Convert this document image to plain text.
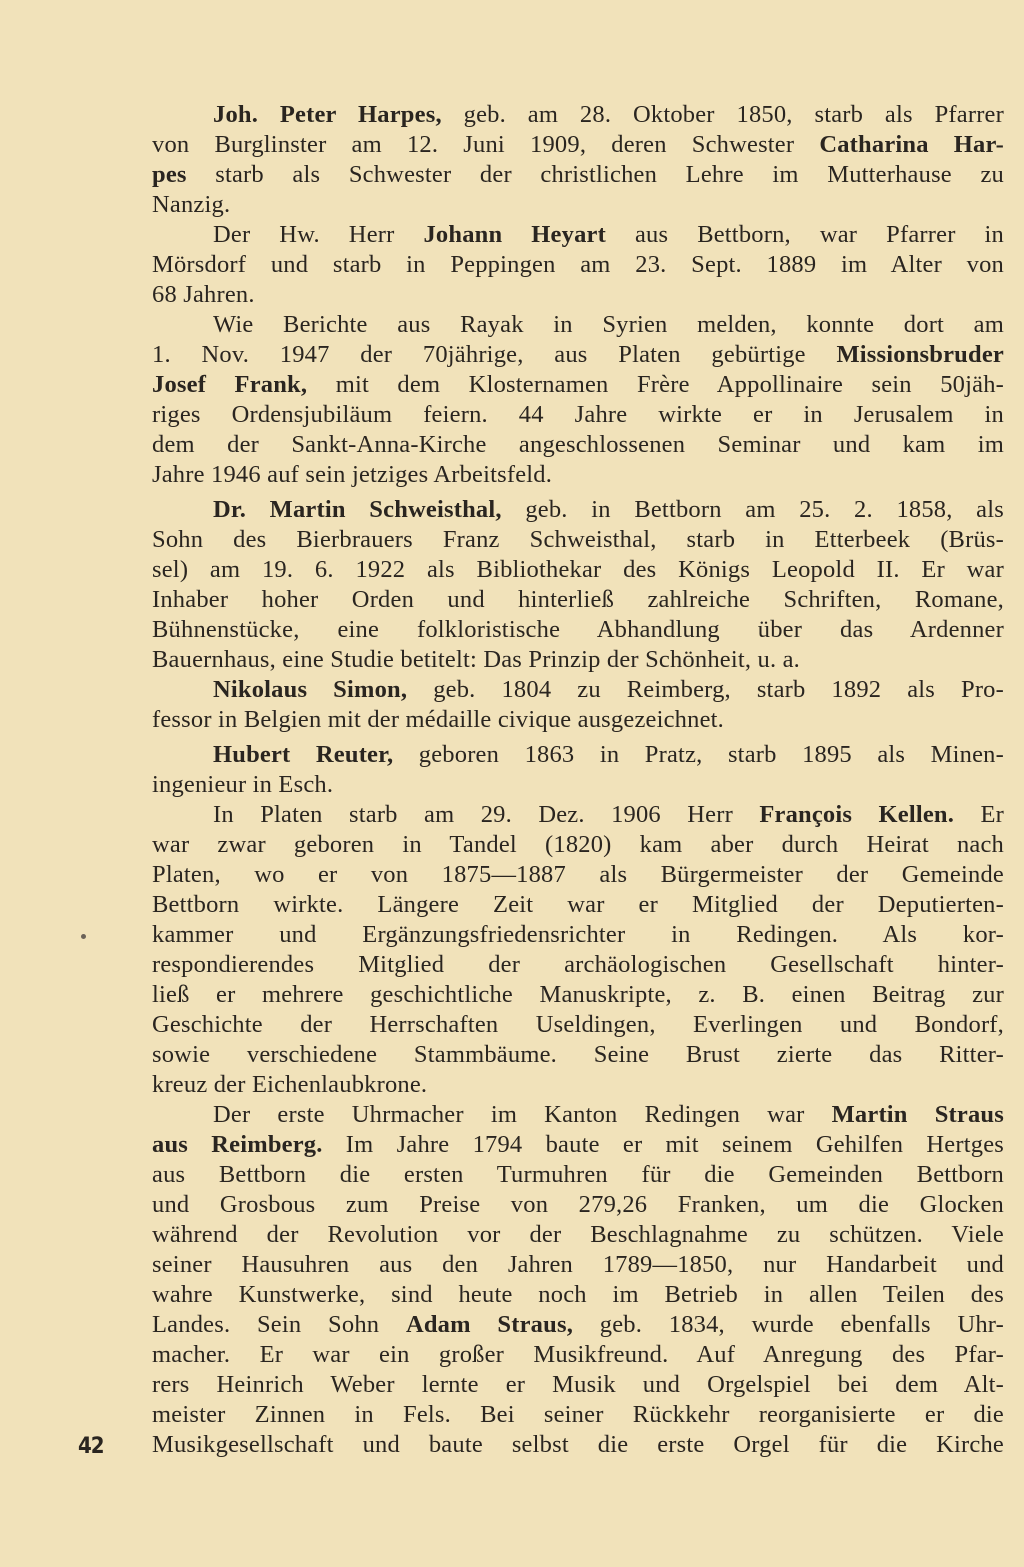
Joh. Peter Harpes, geb. am 28. Oktober 1850, starb als Pfarrer
von Burglinster am 12. Juni 1909, deren Schwester Catharina Har-
pes starb als Schwester der christlichen Lehre im Mutterhause zu
Nanzig.
Der Hw. Herr Johann Heyart aus Bettborn, war Pfarrer in
Mörsdorf und starb in Peppingen am 23. Sept. 1889 im Alter von
68 Jahren.
Wie Berichte aus Rayak in Syrien melden, konnte dort am
1. Nov. 1947 der 70jährige, aus Platen gebürtige Missionsbruder
Josef Frank, mit dem Klosternamen Frère Appollinaire sein 50jäh-
riges Ordensjubiläum feiern. 44 Jahre wirkte er in Jerusalem in
dem der Sankt-Anna-Kirche angeschlossenen Seminar und kam im
Jahre 1946 auf sein jetziges Arbeitsfeld.
Dr. Martin Schweisthal, geb. in Bettborn am 25. 2. 1858, als
Sohn des Bierbrauers Franz Schweisthal, starb in Etterbeek (Brüs-
sel) am 19. 6. 1922 als Bibliothekar des Königs Leopold II. Er war
Inhaber hoher Orden und hinterließ zahlreiche Schriften, Romane,
Bühnenstücke, eine folkloristische Abhandlung über das Ardenner
Bauernhaus, eine Studie betitelt: Das Prinzip der Schönheit, u. a.
Nikolaus Simon, geb. 1804 zu Reimberg, starb 1892 als Pro-
fessor in Belgien mit der médaille civique ausgezeichnet.
Hubert Reuter, geboren 1863 in Pratz, starb 1895 als Minen-
ingenieur in Esch.
In Platen starb am 29. Dez. 1906 Herr François Kellen. Er
war zwar geboren in Tandel (1820) kam aber durch Heirat nach
Platen, wo er von 1875—1887 als Bürgermeister der Gemeinde
Bettborn wirkte. Längere Zeit war er Mitglied der Deputierten-
kammer und Ergänzungsfriedensrichter in Redingen. Als kor-
respondierendes Mitglied der archäologischen Gesellschaft hinter-
ließ er mehrere geschichtliche Manuskripte, z. B. einen Beitrag zur
Geschichte der Herrschaften Useldingen, Everlingen und Bondorf,
sowie verschiedene Stammbäume. Seine Brust zierte das Ritter-
kreuz der Eichenlaubkrone.
Der erste Uhrmacher im Kanton Redingen war Martin Straus
aus Reimberg. Im Jahre 1794 baute er mit seinem Gehilfen Hertges
aus Bettborn die ersten Turmuhren für die Gemeinden Bettborn
und Grosbous zum Preise von 279,26 Franken, um die Glocken
während der Revolution vor der Beschlagnahme zu schützen. Viele
seiner Hausuhren aus den Jahren 1789—1850, nur Handarbeit und
wahre Kunstwerke, sind heute noch im Betrieb in allen Teilen des
Landes. Sein Sohn Adam Straus, geb. 1834, wurde ebenfalls Uhr-
macher. Er war ein großer Musikfreund. Auf Anregung des Pfar-
rers Heinrich Weber lernte er Musik und Orgelspiel bei dem Alt-
meister Zinnen in Fels. Bei seiner Rückkehr reorganisierte er die
Musikgesellschaft und baute selbst die erste Orgel für die Kirche
42
